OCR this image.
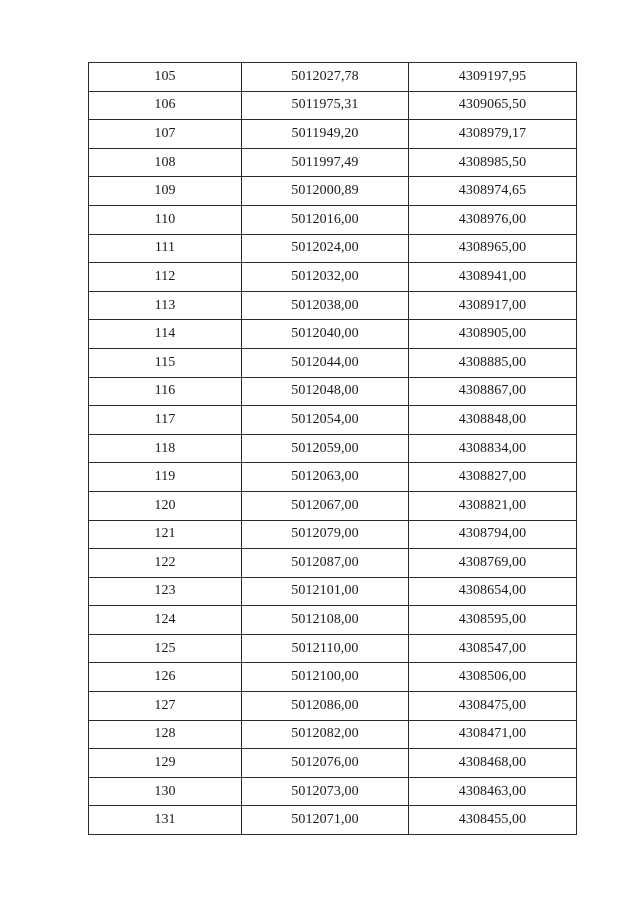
105	5012027,78	4309197,95
106	5011975,31	4309065,50
107	5011949,20	4308979,17
108	5011997,49	4308985,50
109	5012000,89	4308974,65
110	5012016,00	4308976,00
111	5012024,00	4308965,00
112	5012032,00	4308941,00
113	5012038,00	4308917,00
114	5012040,00	4308905,00
115	5012044,00	4308885,00
116	5012048,00	4308867,00
117	5012054,00	4308848,00
118	5012059,00	4308834,00
119	5012063,00	4308827,00
120	5012067,00	4308821,00
121	5012079,00	4308794,00
122	5012087,00	4308769,00
123	5012101,00	4308654,00
124	5012108,00	4308595,00
125	5012110,00	4308547,00
126	5012100,00	4308506,00
127	5012086,00	4308475,00
128	5012082,00	4308471,00
129	5012076,00	4308468,00
130	5012073,00	4308463,00
131	5012071,00	4308455,00
